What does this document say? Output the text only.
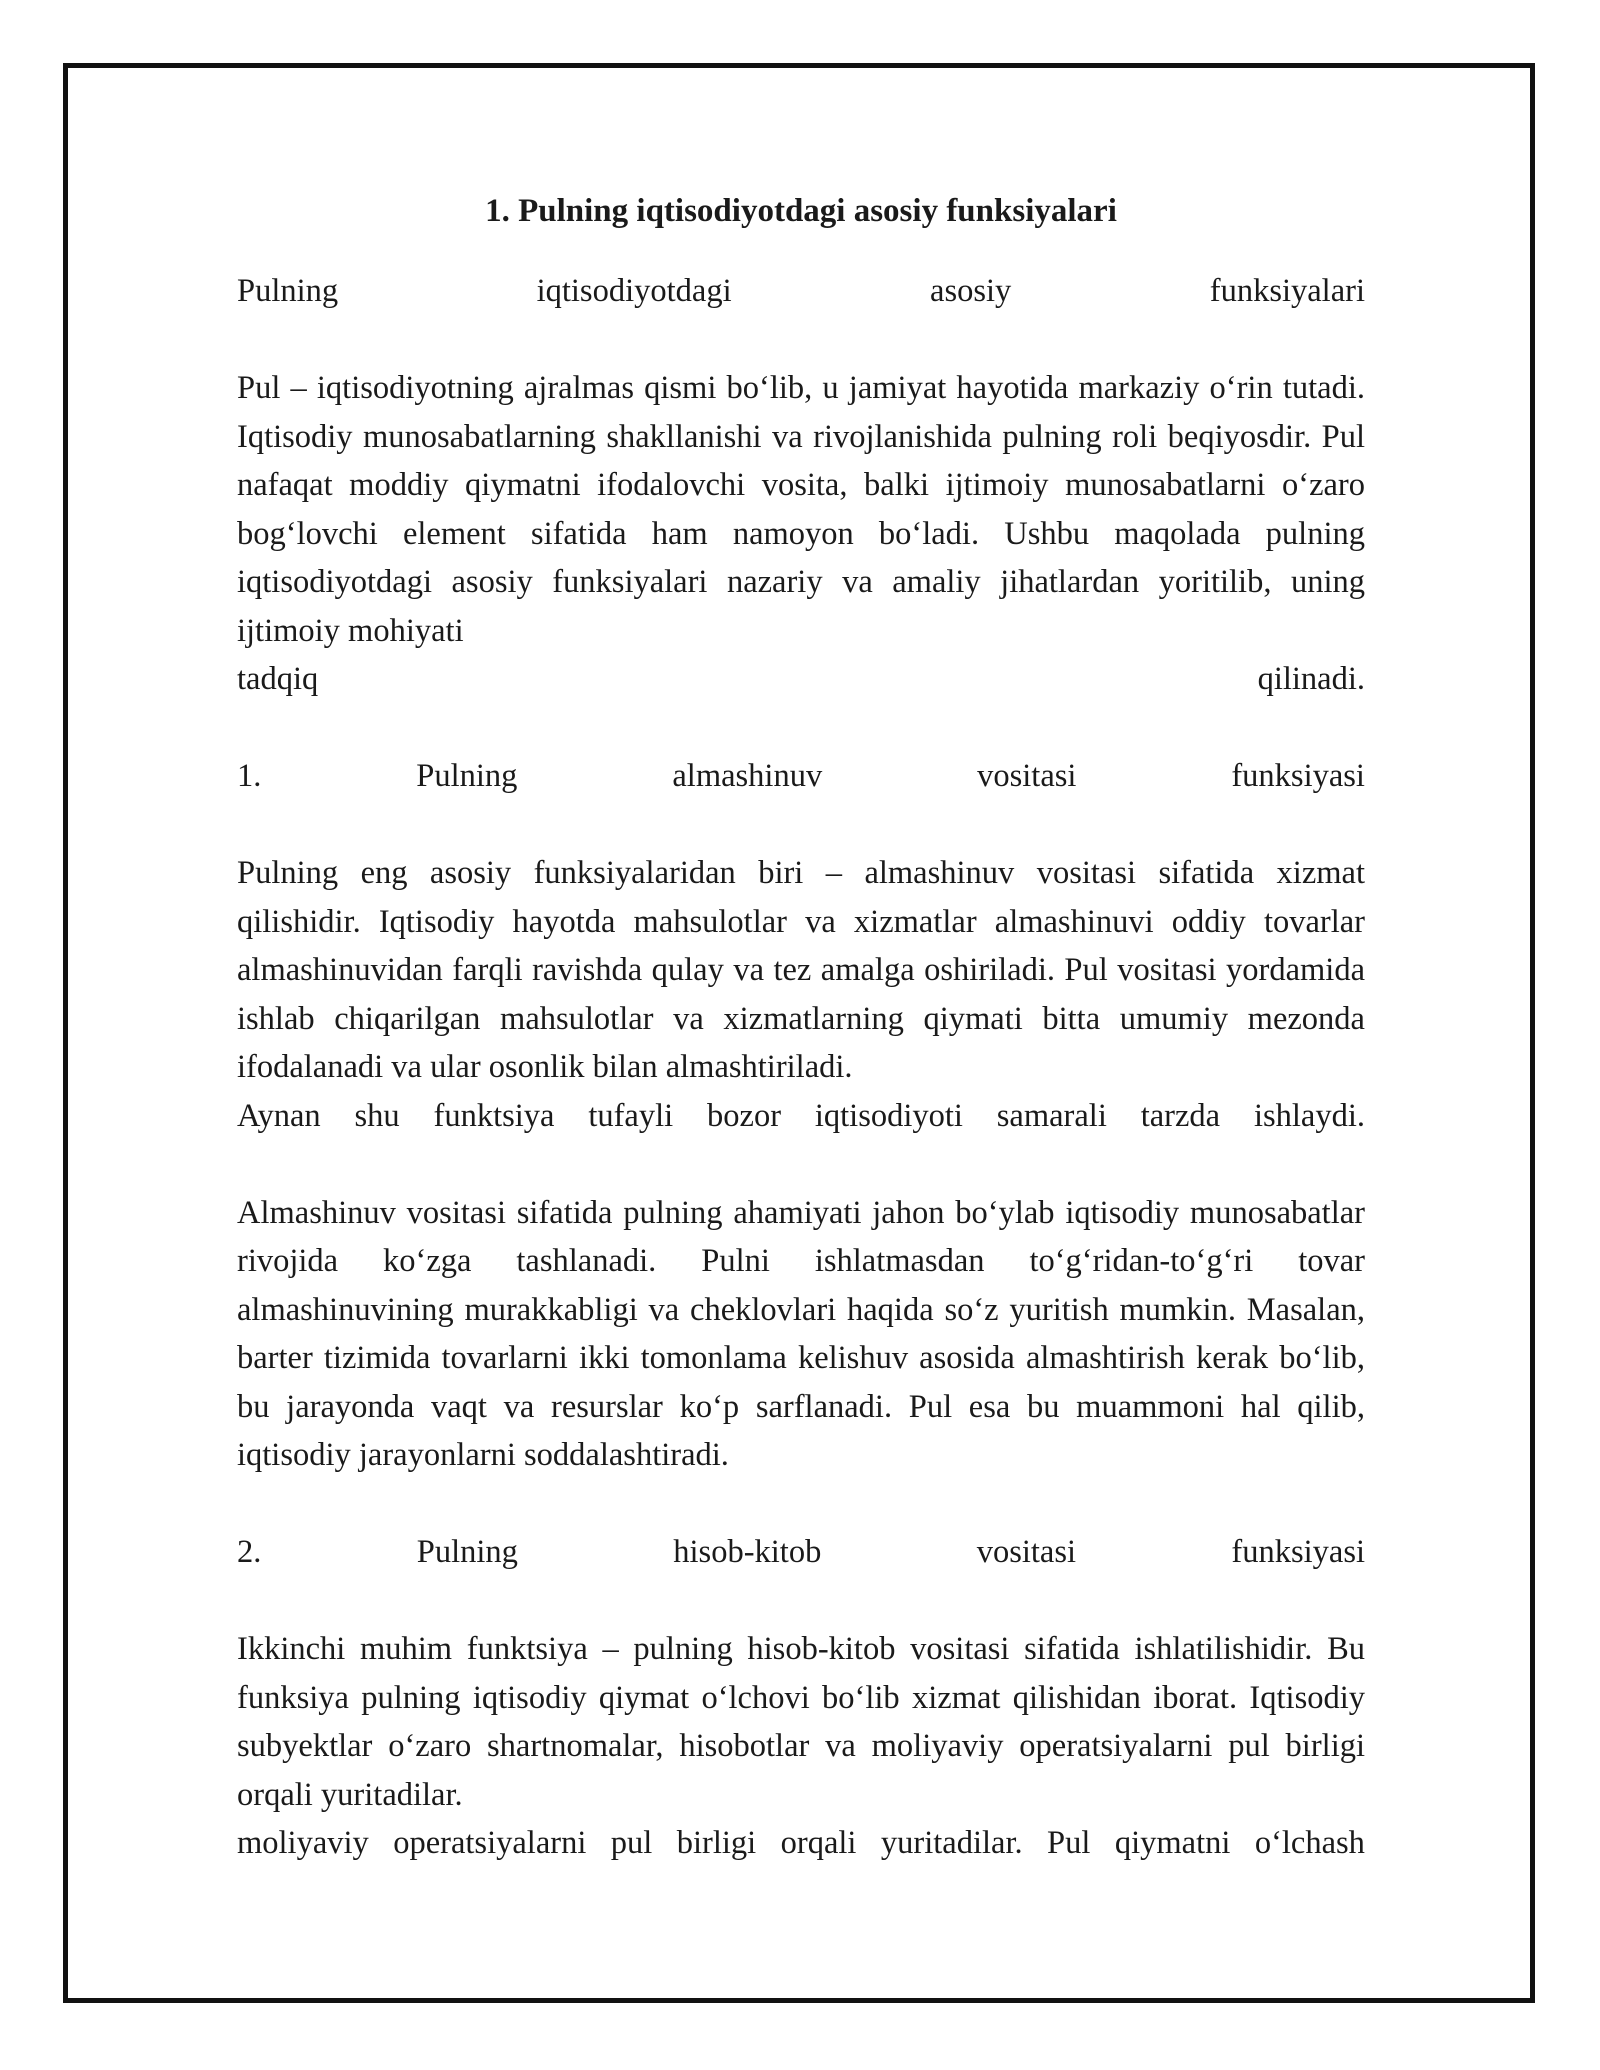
1. Pulning iqtisodiyotdagi asosiy funksiyalari

Pulning	iqtisodiyotdagi	asosiy	funksiyalari

Pul – iqtisodiyotning ajralmas qismi bo‘lib, u jamiyat hayotida markaziy o‘rin tutadi. Iqtisodiy munosabatlarning shakllanishi va rivojlanishida pulning roli beqiyosdir. Pul nafaqat moddiy qiymatni ifodalovchi vosita, balki ijtimoiy munosabatlarni o‘zaro bog‘lovchi element sifatida ham namoyon bo‘ladi. Ushbu maqolada pulning iqtisodiyotdagi asosiy funksiyalari nazariy va amaliy jihatlardan yoritilib, uning ijtimoiy mohiyati

tadqiq	qilinadi.

1.	Pulning	almashinuv	vositasi	funksiyasi

Pulning eng asosiy funksiyalaridan biri – almashinuv vositasi sifatida xizmat qilishidir. Iqtisodiy hayotda mahsulotlar va xizmatlar almashinuvi oddiy tovarlar almashinuvidan farqli ravishda qulay va tez amalga oshiriladi. Pul vositasi yordamida ishlab chiqarilgan mahsulotlar va xizmatlarning qiymati bitta umumiy mezonda ifodalanadi va ular osonlik bilan almashtiriladi.

Aynan shu funktsiya tufayli bozor iqtisodiyoti samarali tarzda ishlaydi.

Almashinuv vositasi sifatida pulning ahamiyati jahon bo‘ylab iqtisodiy munosabatlar rivojida ko‘zga tashlanadi. Pulni ishlatmasdan to‘g‘ridan-to‘g‘ri tovar almashinuvining murakkabligi va cheklovlari haqida so‘z yuritish mumkin. Masalan, barter tizimida tovarlarni ikki tomonlama kelishuv asosida almashtirish kerak bo‘lib, bu jarayonda vaqt va resurslar ko‘p sarflanadi. Pul esa bu muammoni hal qilib, iqtisodiy jarayonlarni soddalashtiradi.

2.	Pulning	hisob-kitob	vositasi	funksiyasi

Ikkinchi muhim funktsiya – pulning hisob-kitob vositasi sifatida ishlatilishidir. Bu funksiya pulning iqtisodiy qiymat o‘lchovi bo‘lib xizmat qilishidan iborat. Iqtisodiy subyektlar o‘zaro shartnomalar, hisobotlar va moliyaviy operatsiyalarni pul birligi orqali yuritadilar.

moliyaviy operatsiyalarni pul birligi orqali yuritadilar. Pul qiymatni o‘lchash
